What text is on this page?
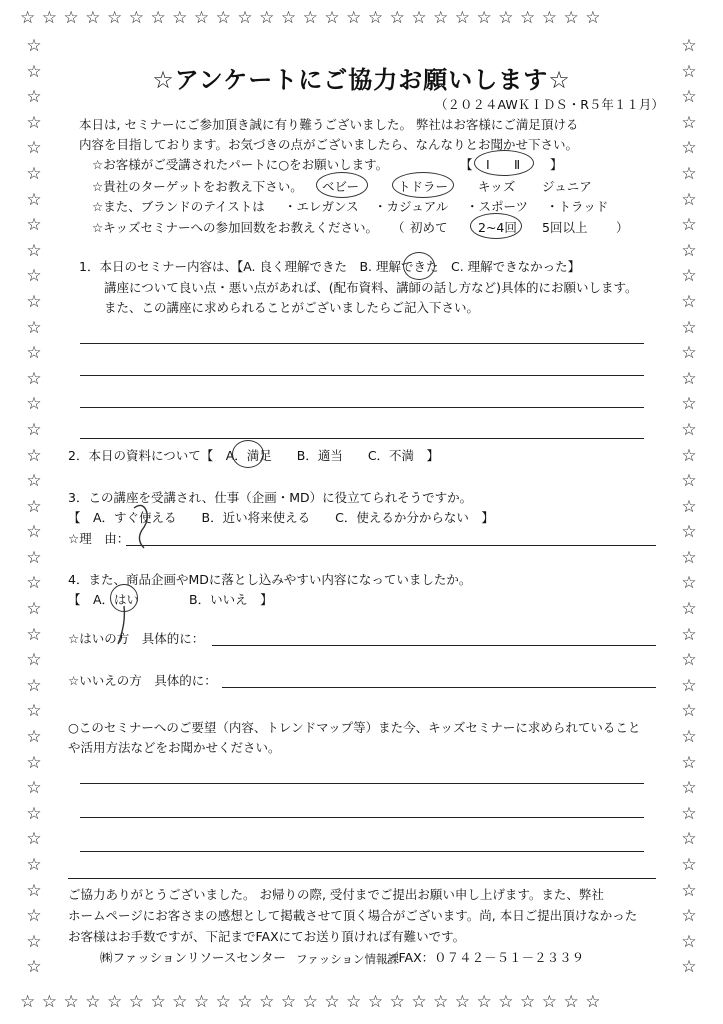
☆☆☆☆☆☆☆☆☆☆☆☆☆☆☆☆☆☆☆☆☆☆☆☆☆☆☆
☆☆☆☆☆☆☆☆☆☆☆☆☆☆☆☆☆☆☆☆☆☆☆☆☆☆☆
☆
☆
☆
☆
☆
☆
☆
☆
☆
☆
☆
☆
☆
☆
☆
☆
☆
☆
☆
☆
☆
☆
☆
☆
☆
☆
☆
☆
☆
☆
☆
☆
☆
☆
☆
☆
☆
☆
☆
☆
☆
☆
☆
☆
☆
☆
☆
☆
☆
☆
☆
☆
☆
☆
☆
☆
☆
☆
☆
☆
☆
☆
☆
☆
☆
☆
☆
☆
☆
☆
☆
☆
☆
☆
☆アンケートにご協力お願いします☆
（２０２４AWＫＩＤＳ・R５年１１月）
本日は, セミナーにご参加頂き誠に有り難うございました。 弊社はお客様にご満足頂ける
内容を目指しております。お気づきの点がございましたら、なんなりとお聞かせ下さい。
☆お客様がご受講されたパートに○をお願いします。	【 Ⅰ Ⅱ 】
☆貴社のターゲットをお教え下さい。 ベビー	トドラー キッズ ジュニア
☆また、ブランドのテイストは ・エレガンス ・カジュアル ・スポーツ ・トラッド
☆キッズセミナーへの参加回数をお教えください。 （ 初めて 2~4回 5回以上 ）
1．本日のセミナー内容は、【A. 良く理解できた　B. 理解できた　C. 理解できなかった】
講座について良い点・悪い点があれば、(配布資料、講師の話し方など)具体的にお願いします。
また、この講座に求められることがございましたらご記入下さい。
2．本日の資料について【　A．満足　　B．適当　　C．不満　】
3．この講座を受講され、仕事（企画・MD）に役立てられそうですか。
【　A．すぐ使える　　B．近い将来使える　　C．使えるか分からない　】
☆理　由：
4．また、商品企画やMDに落とし込みやすい内容になっていましたか。
【　A．はい　　　　B．いいえ　】
☆はいの方　具体的に：
☆いいえの方　具体的に：
○このセミナーへのご要望（内容、トレンドマップ等）また今、キッズセミナーに求められていること
や活用方法などをお聞かせください。
ご協力ありがとうございました。 お帰りの際, 受付までご提出お願い申し上げます。また、弊社
ホームページにお客さまの感想として掲載させて頂く場合がございます。尚, 本日ご提出頂けなかった
お客様はお手数ですが、下記までFAXにてお送り頂ければ有難いです。
㈱ファッションリソースセンター ファッション情報課
／FAX：０７４２－５１－２３３９
